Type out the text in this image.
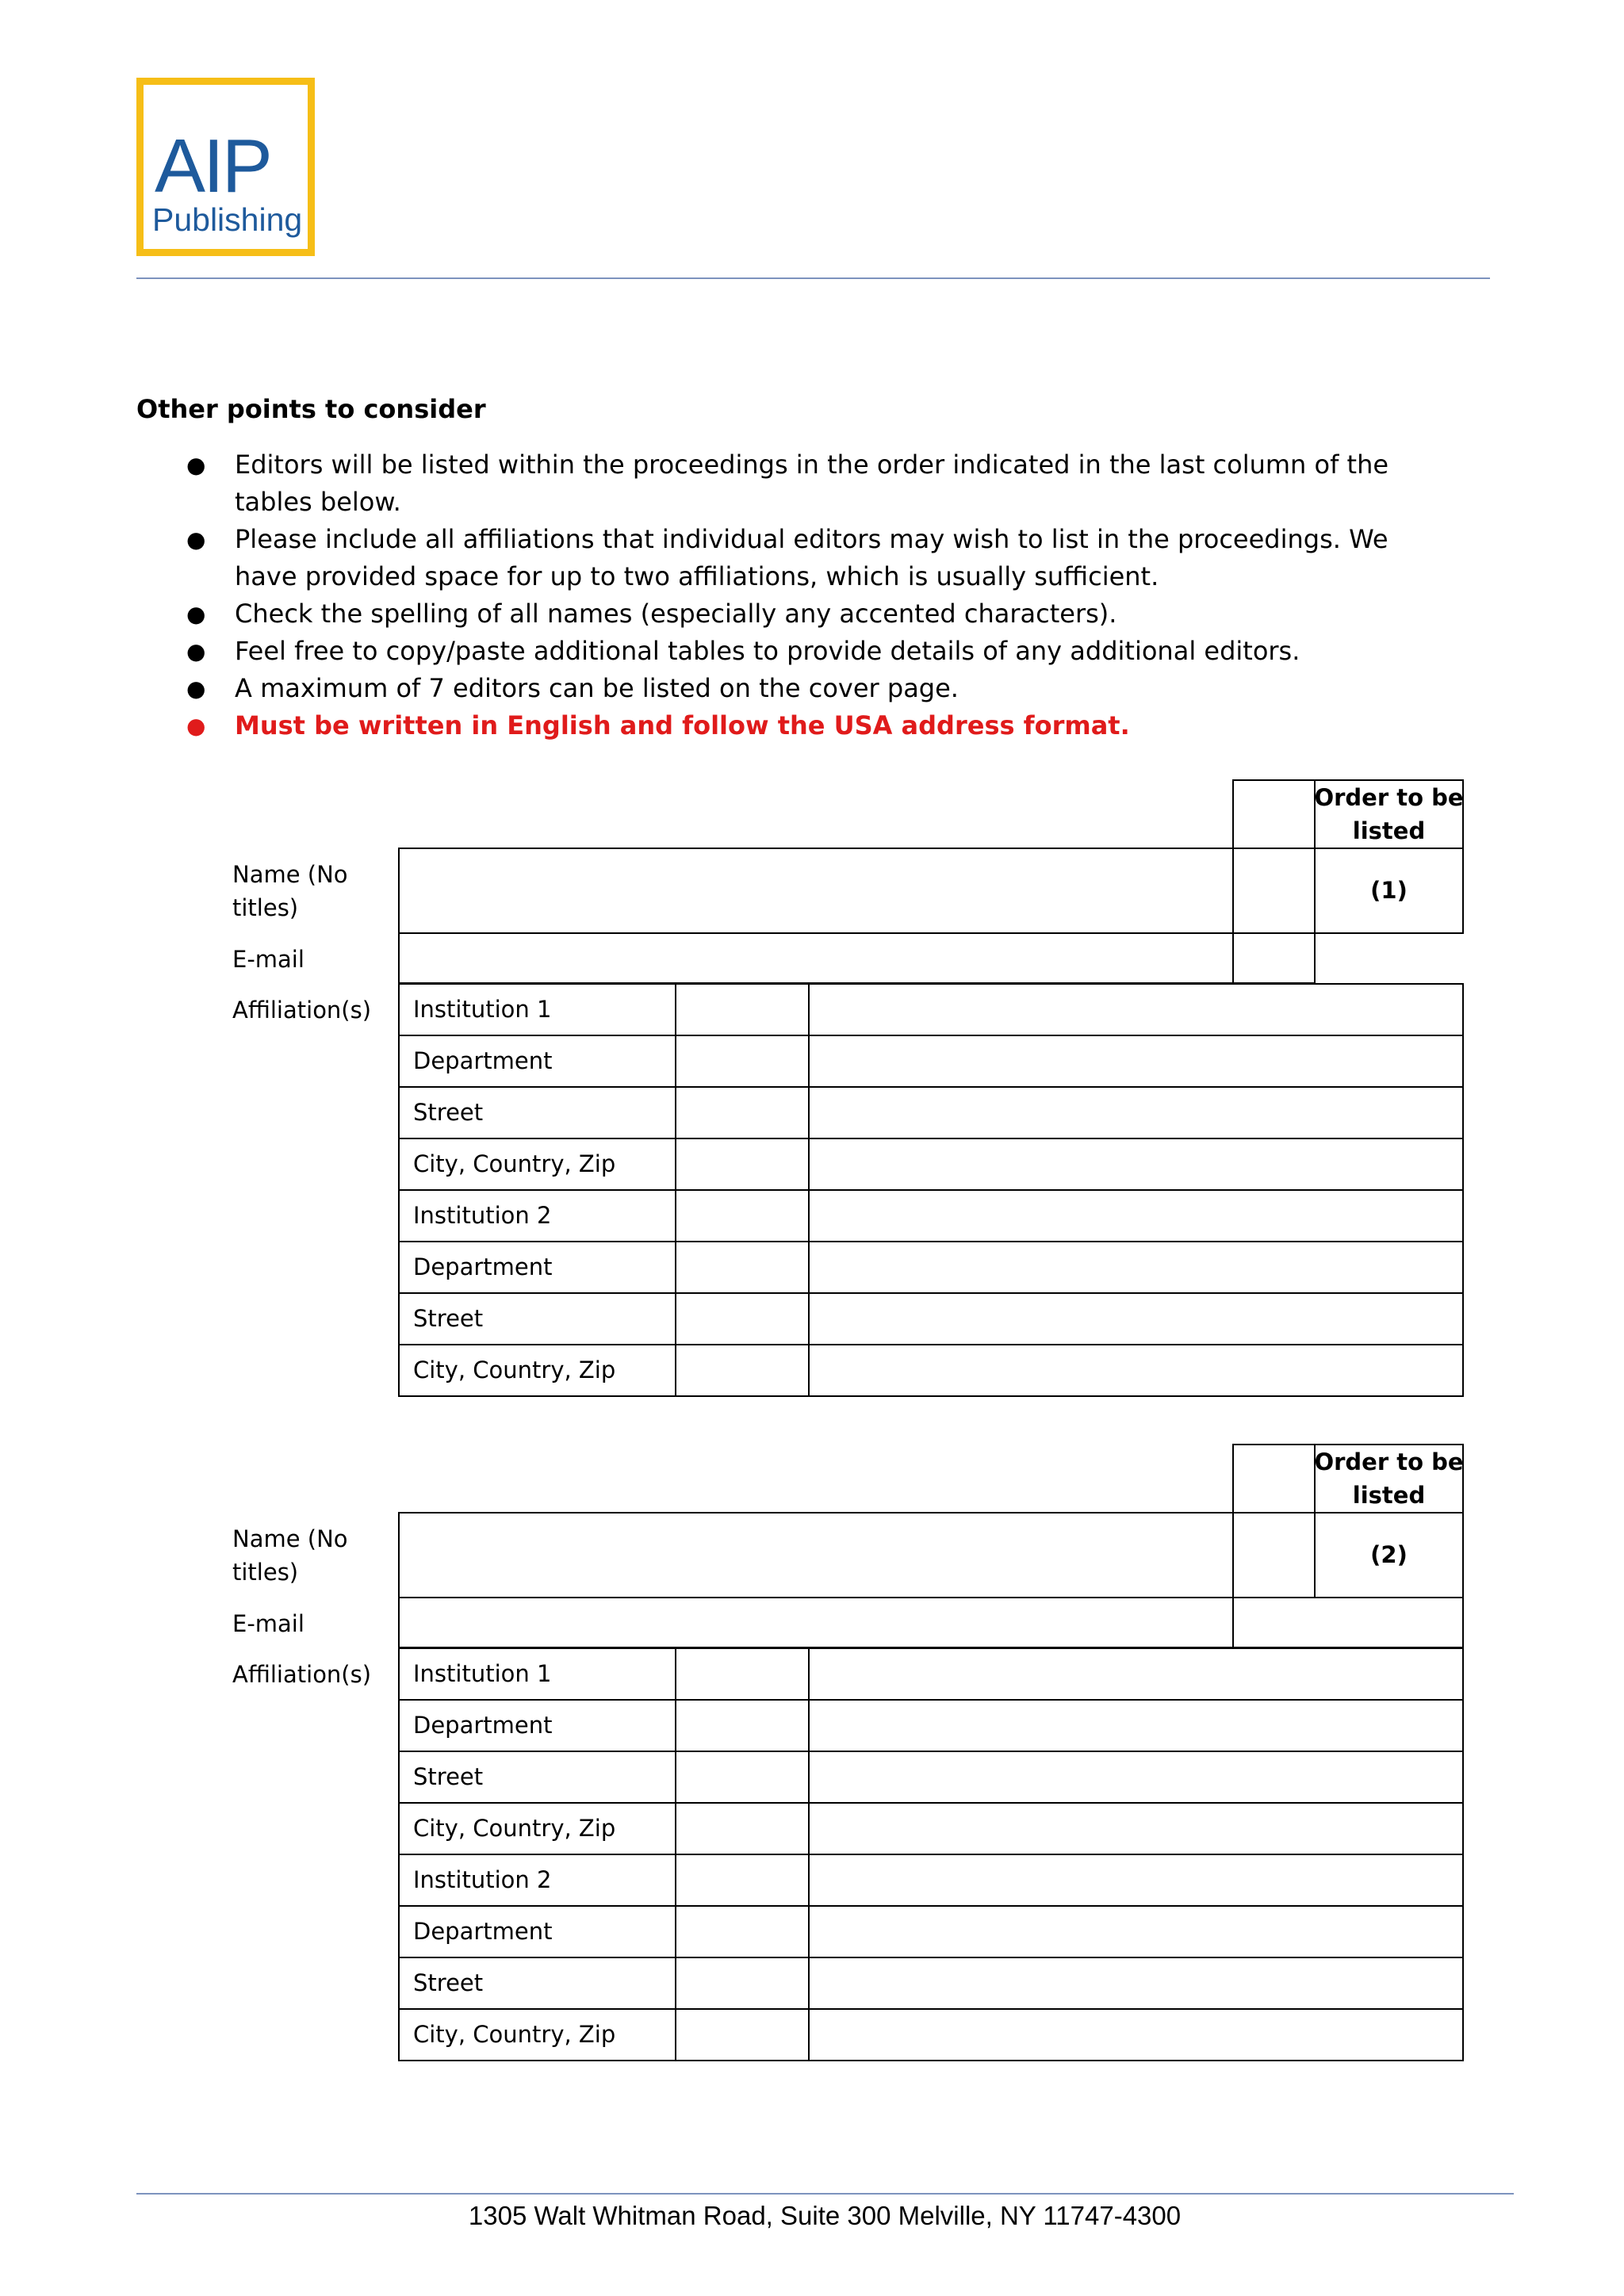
AIP
Publishing
Other points to consider
● Editors will be listed within the proceedings in the order indicated in the last column of the tables below.
● Please include all affiliations that individual editors may wish to list in the proceedings. We have provided space for up to two affiliations, which is usually sufficient.
● Check the spelling of all names (especially any accented characters).
● Feel free to copy/paste additional tables to provide details of any additional editors.
● A maximum of 7 editors can be listed on the cover page.
● Must be written in English and follow the USA address format.
Order to be listed
Name (No titles)
(1)
E-mail
Affiliation(s) Institution 1
Department
Street
City, Country, Zip
Institution 2
Department
Street
City, Country, Zip
Order to be listed
Name (No titles)
(2)
E-mail
Affiliation(s) Institution 1
Department
Street
City, Country, Zip
Institution 2
Department
Street
City, Country, Zip
1305 Walt Whitman Road, Suite 300 Melville, NY 11747-4300
